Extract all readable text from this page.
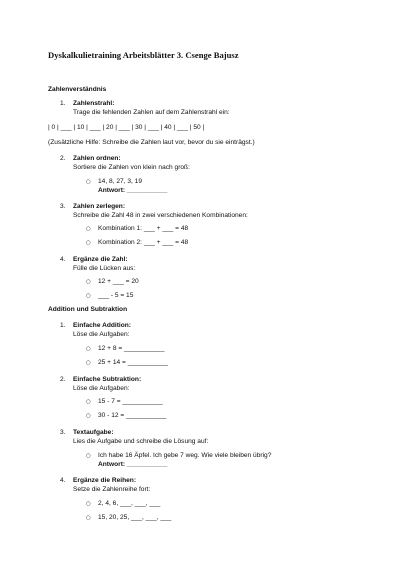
Dyskalkulietraining Arbeitsblätter 3. Csenge Bajusz
Zahlenverständnis
1. Zahlenstrahl:
Trage die fehlenden Zahlen auf dem Zahlenstrahl ein:
| 0 | ___ | 10 | ___ | 20 | ___ | 30 | ___ | 40 | ___ | 50 |
(Zusätzliche Hilfe: Schreibe die Zahlen laut vor, bevor du sie einträgst.)
2. Zahlen ordnen:
Sortiere die Zahlen von klein nach groß:
○ 14, 8, 27, 3, 19
Antwort: ___________
3. Zahlen zerlegen:
Schreibe die Zahl 48 in zwei verschiedenen Kombinationen:
○ Kombination 1: ___ + ___ = 48
○ Kombination 2: ___ + ___ = 48
4. Ergänze die Zahl:
Fülle die Lücken aus:
○ 12 + ___ = 20
○ ___ - 5 = 15
Addition und Subtraktion
1. Einfache Addition:
Löse die Aufgaben:
○ 12 + 8 = ___________
○ 25 + 14 = ___________
2. Einfache Subtraktion:
Löse die Aufgaben:
○ 15 - 7 = ___________
○ 30 - 12 = ___________
3. Textaufgabe:
Lies die Aufgabe und schreibe die Lösung auf:
○ Ich habe 16 Äpfel. Ich gebe 7 weg. Wie viele bleiben übrig?
Antwort: ___________
4. Ergänze die Reihen:
Setze die Zahlenreihe fort:
○ 2, 4, 6, ___, ___, ___
○ 15, 20, 25, ___, ___, ___
